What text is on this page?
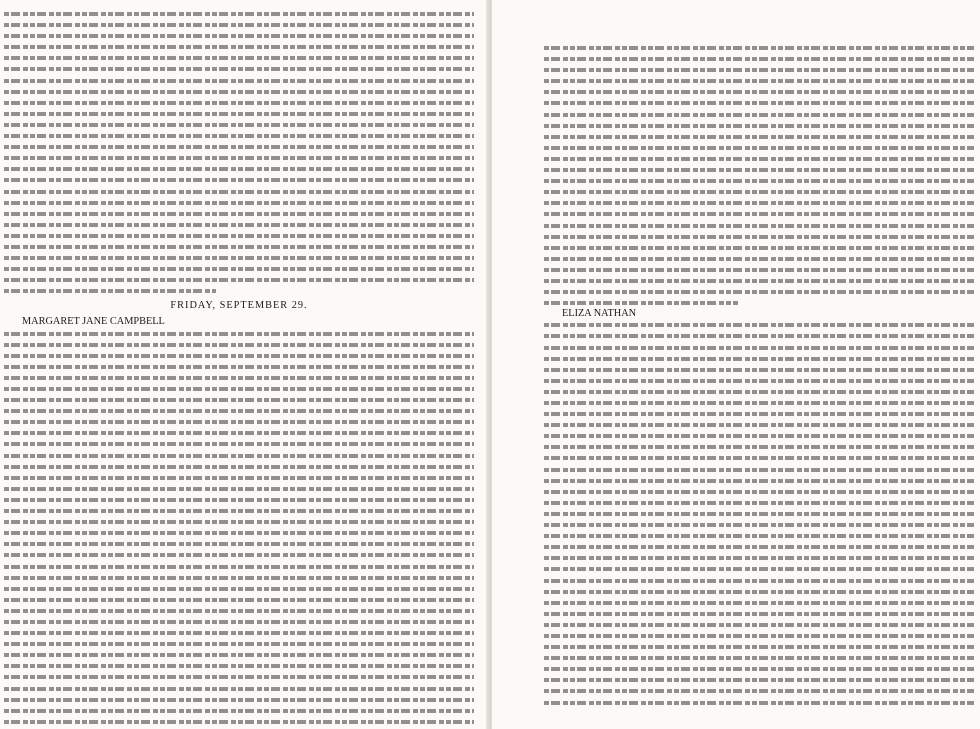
FRIDAY, SEPTEMBER 29.
MARGARET JANE CAMPBELL
ELIZA NATHAN
